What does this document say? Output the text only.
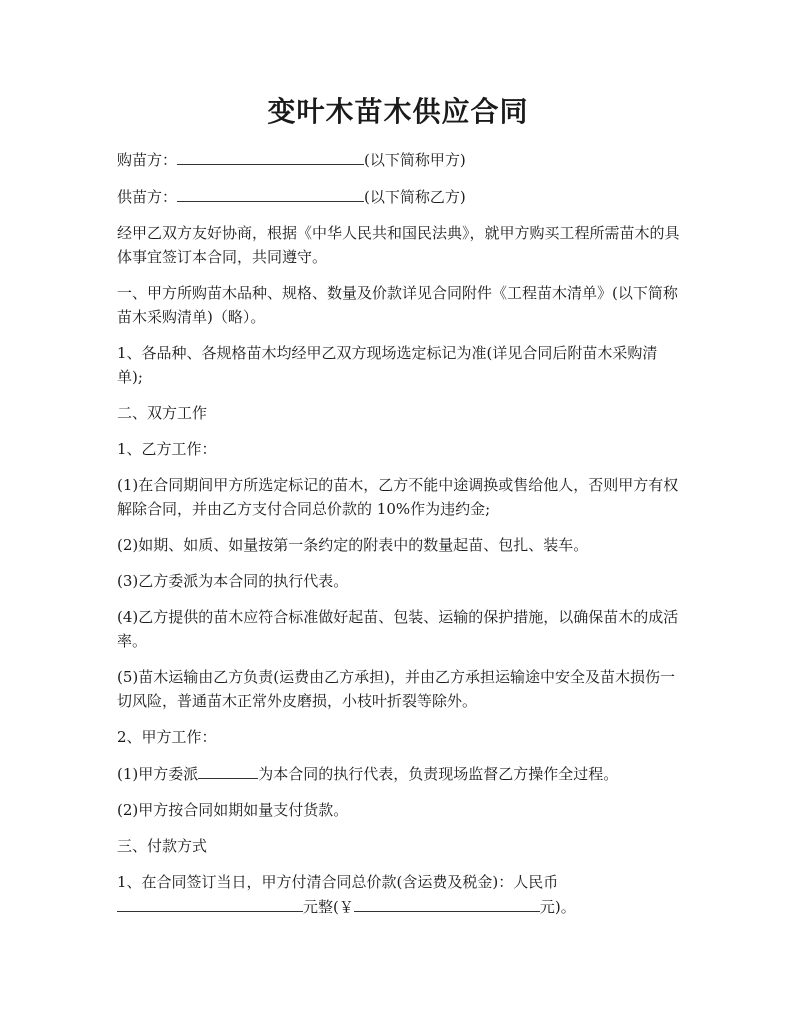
变叶木苗木供应合同
购苗方：	(以下简称甲方)
供苗方：	(以下简称乙方)
经甲乙双方友好协商，根据《中华人民共和国民法典》，就甲方购买工程所需苗木的具体事宜签订本合同，共同遵守。
一、甲方所购苗木品种、规格、数量及价款详见合同附件《工程苗木清单》(以下简称苗木采购清单)（略）。
1、各品种、各规格苗木均经甲乙双方现场选定标记为准(详见合同后附苗木采购清单);
二、双方工作
1、乙方工作：
(1)在合同期间甲方所选定标记的苗木，乙方不能中途调换或售给他人，否则甲方有权解除合同，并由乙方支付合同总价款的 10%作为违约金;
(2)如期、如质、如量按第一条约定的附表中的数量起苗、包扎、装车。
(3)乙方委派为本合同的执行代表。
(4)乙方提供的苗木应符合标准做好起苗、包装、运输的保护措施，以确保苗木的成活率。
(5)苗木运输由乙方负责(运费由乙方承担)，并由乙方承担运输途中安全及苗木损伤一切风险，普通苗木正常外皮磨损，小枝叶折裂等除外。
2、甲方工作：
(1)甲方委派	为本合同的执行代表，负责现场监督乙方操作全过程。
(2)甲方按合同如期如量支付货款。
三、付款方式
1、在合同签订当日，甲方付清合同总价款(含运费及税金)：人民币
元整(￥	元)。
